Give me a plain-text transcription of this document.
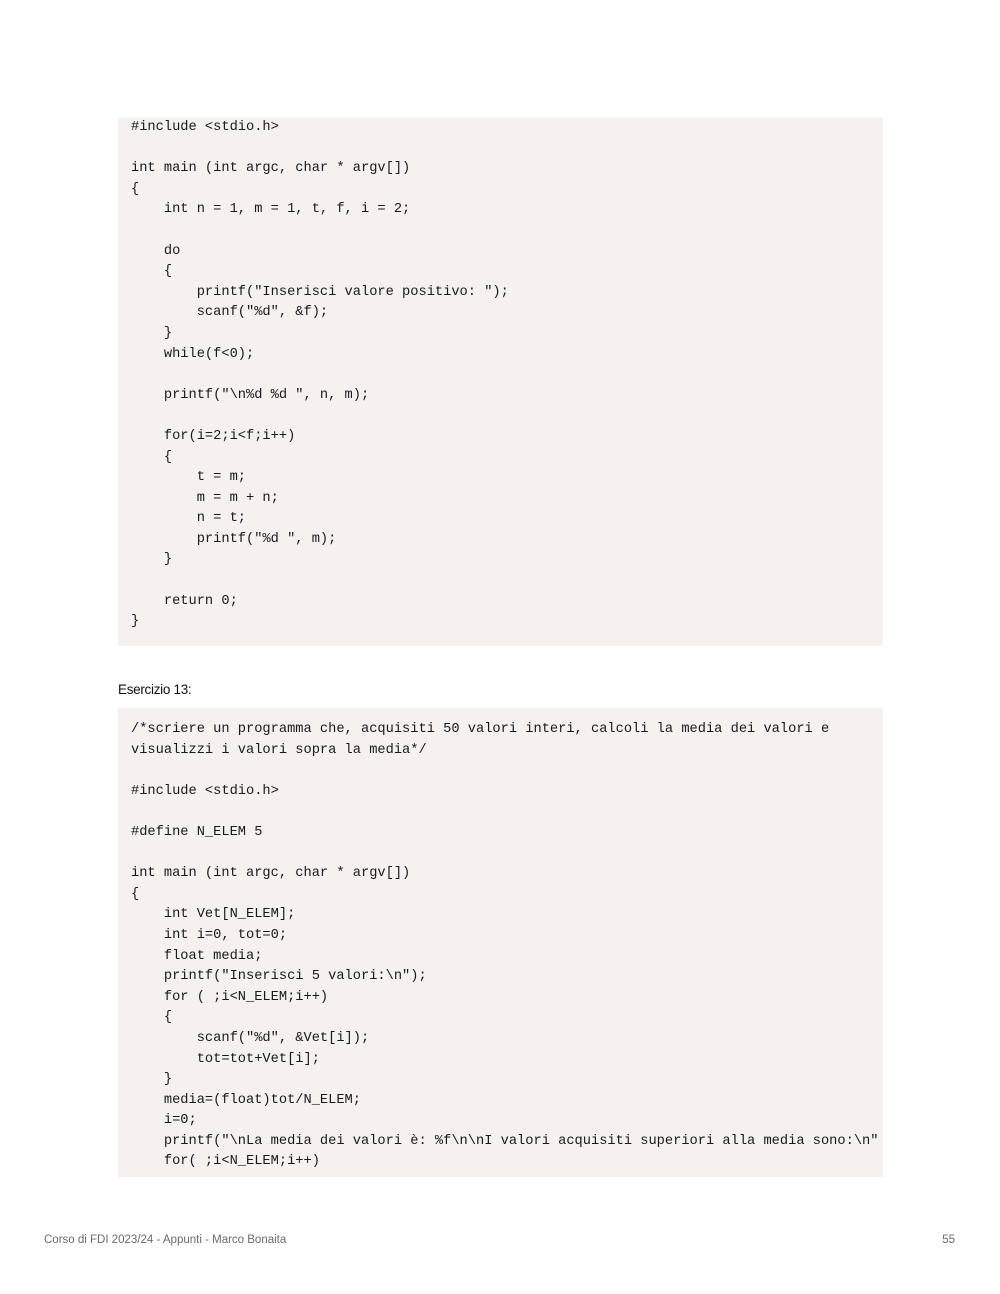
#include <stdio.h>
int main (int argc, char * argv[])
{
int n = 1, m = 1, t, f, i = 2;
do
{
printf("Inserisci valore positivo: ");
scanf("%d", &f);
}
while(f<0);
printf("\n%d %d ", n, m);
for(i=2;i<f;i++)
{
t = m;
m = m + n;
n = t;
printf("%d ", m);
}
return 0;
}
Esercizio 13:
/*scriere un programma che, acquisiti 50 valori interi, calcoli la media dei valori e
visualizzi i valori sopra la media*/
#include <stdio.h>
#define N_ELEM 5
int main (int argc, char * argv[])
{
int Vet[N_ELEM];
int i=0, tot=0;
float media;
printf("Inserisci 5 valori:\n");
for ( ;i<N_ELEM;i++)
{
scanf("%d", &Vet[i]);
tot=tot+Vet[i];
}
media=(float)tot/N_ELEM;
i=0;
printf("\nLa media dei valori è: %f\n\nI valori acquisiti superiori alla media sono:\n"
for( ;i<N_ELEM;i++)
Corso di FDI 2023/24 - Appunti - Marco Bonaita	55
